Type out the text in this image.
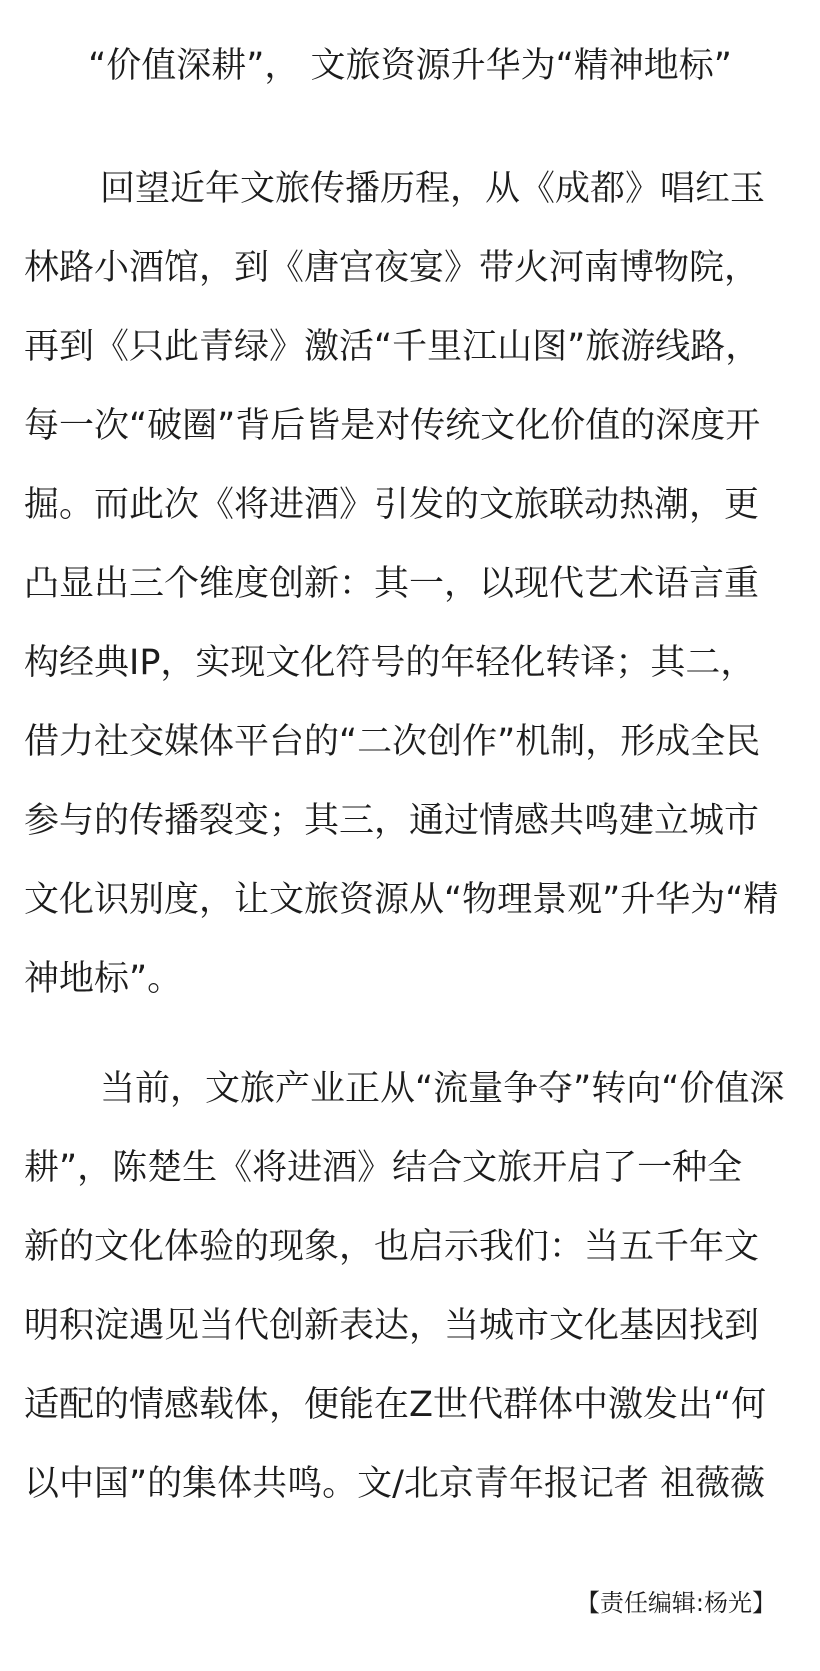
“价值深耕”， 文旅资源升华为“精神地标”
回望近年文旅传播历程，从《成都》唱红玉
林路小酒馆，到《唐宫夜宴》带火河南博物院，
再到《只此青绿》激活“千里江山图”旅游线路，
每一次“破圈”背后皆是对传统文化价值的深度开
掘。而此次《将进酒》引发的文旅联动热潮，更
凸显出三个维度创新：其一，以现代艺术语言重
构经典IP，实现文化符号的年轻化转译；其二，
借力社交媒体平台的“二次创作”机制，形成全民
参与的传播裂变；其三，通过情感共鸣建立城市
文化识别度，让文旅资源从“物理景观”升华为“精
神地标”。
当前，文旅产业正从“流量争夺”转向“价值深
耕”，陈楚生《将进酒》结合文旅开启了一种全
新的文化体验的现象，也启示我们：当五千年文
明积淀遇见当代创新表达，当城市文化基因找到
适配的情感载体，便能在Z世代群体中激发出“何
以中国”的集体共鸣。文/北京青年报记者 祖薇薇
【责任编辑:杨光】
